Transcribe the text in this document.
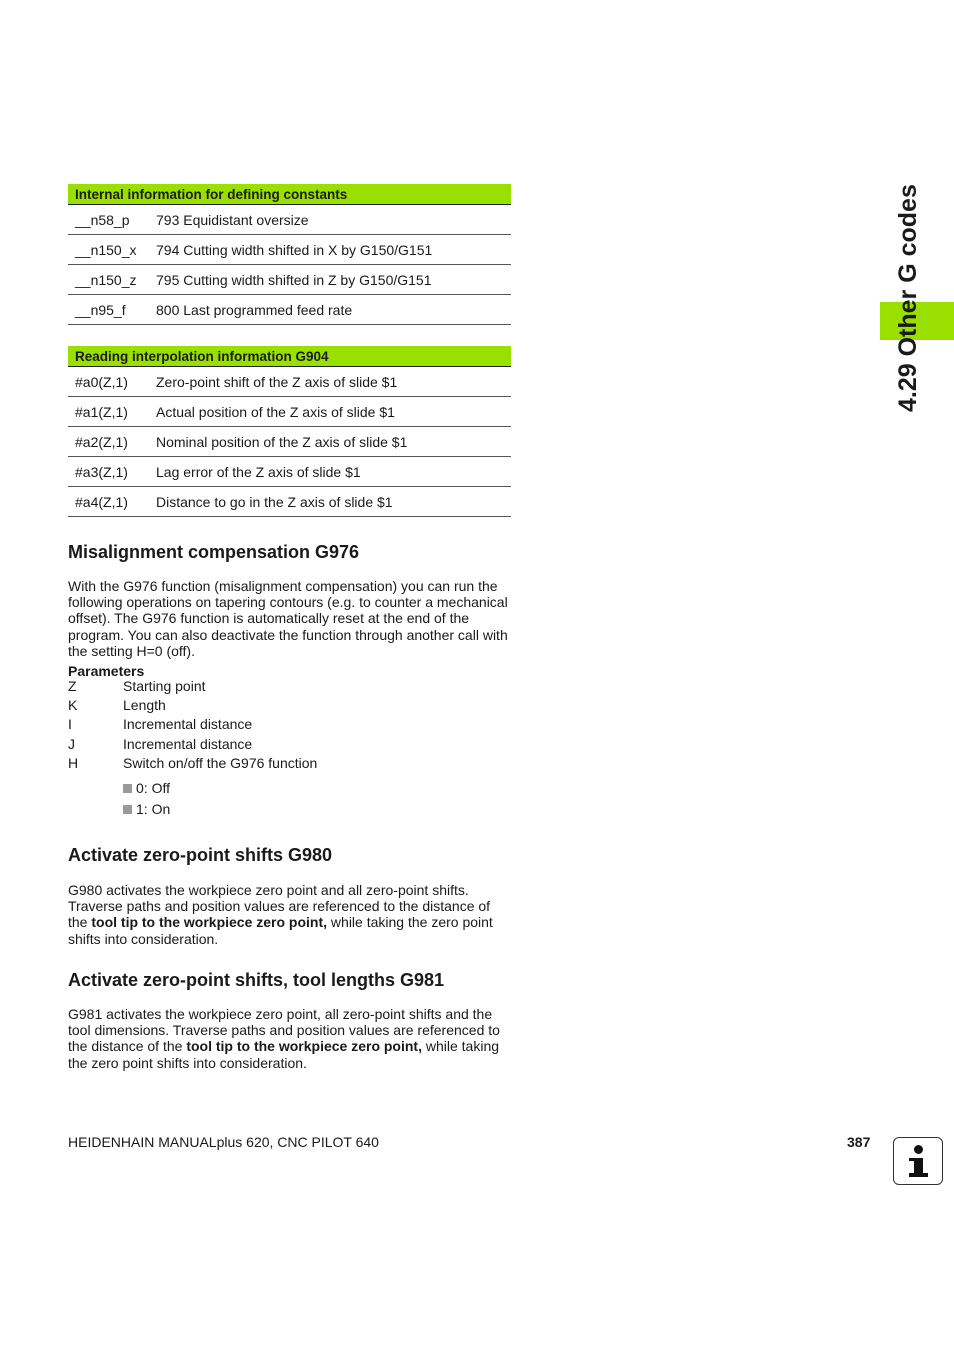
Internal information for defining constants	
__n58_p	793 Equidistant oversize
__n150_x	794 Cutting width shifted in X by G150/G151
__n150_z	795 Cutting width shifted in Z by G150/G151
__n95_f	800 Last programmed feed rate
Reading interpolation information G904	
#a0(Z,1)	Zero-point shift of the Z axis of slide $1
#a1(Z,1)	Actual position of the Z axis of slide $1
#a2(Z,1)	Nominal position of the Z axis of slide $1
#a3(Z,1)	Lag error of the Z axis of slide $1
#a4(Z,1)	Distance to go in the Z axis of slide $1
Misalignment compensation G976

With the G976 function (misalignment compensation) you can run the following operations on tapering contours (e.g. to counter a mechanical offset). The G976 function is automatically reset at the end of the program. You can also deactivate the function through another call with the setting H=0 (off).

Parameters
Z	Starting point
K	Length
I	Incremental distance
J	Incremental distance
H	Switch on/off the G976 function
0: Off
1: On
Activate zero-point shifts G980

G980 activates the workpiece zero point and all zero-point shifts. Traverse paths and position values are referenced to the distance of the tool tip to the workpiece zero point, while taking the zero point shifts into consideration.

Activate zero-point shifts, tool lengths G981

G981 activates the workpiece zero point, all zero-point shifts and the tool dimensions. Traverse paths and position values are referenced to the distance of the tool tip to the workpiece zero point, while taking the zero point shifts into consideration.

4.29 Other G codes
HEIDENHAIN MANUALplus 620, CNC PILOT 640	387
